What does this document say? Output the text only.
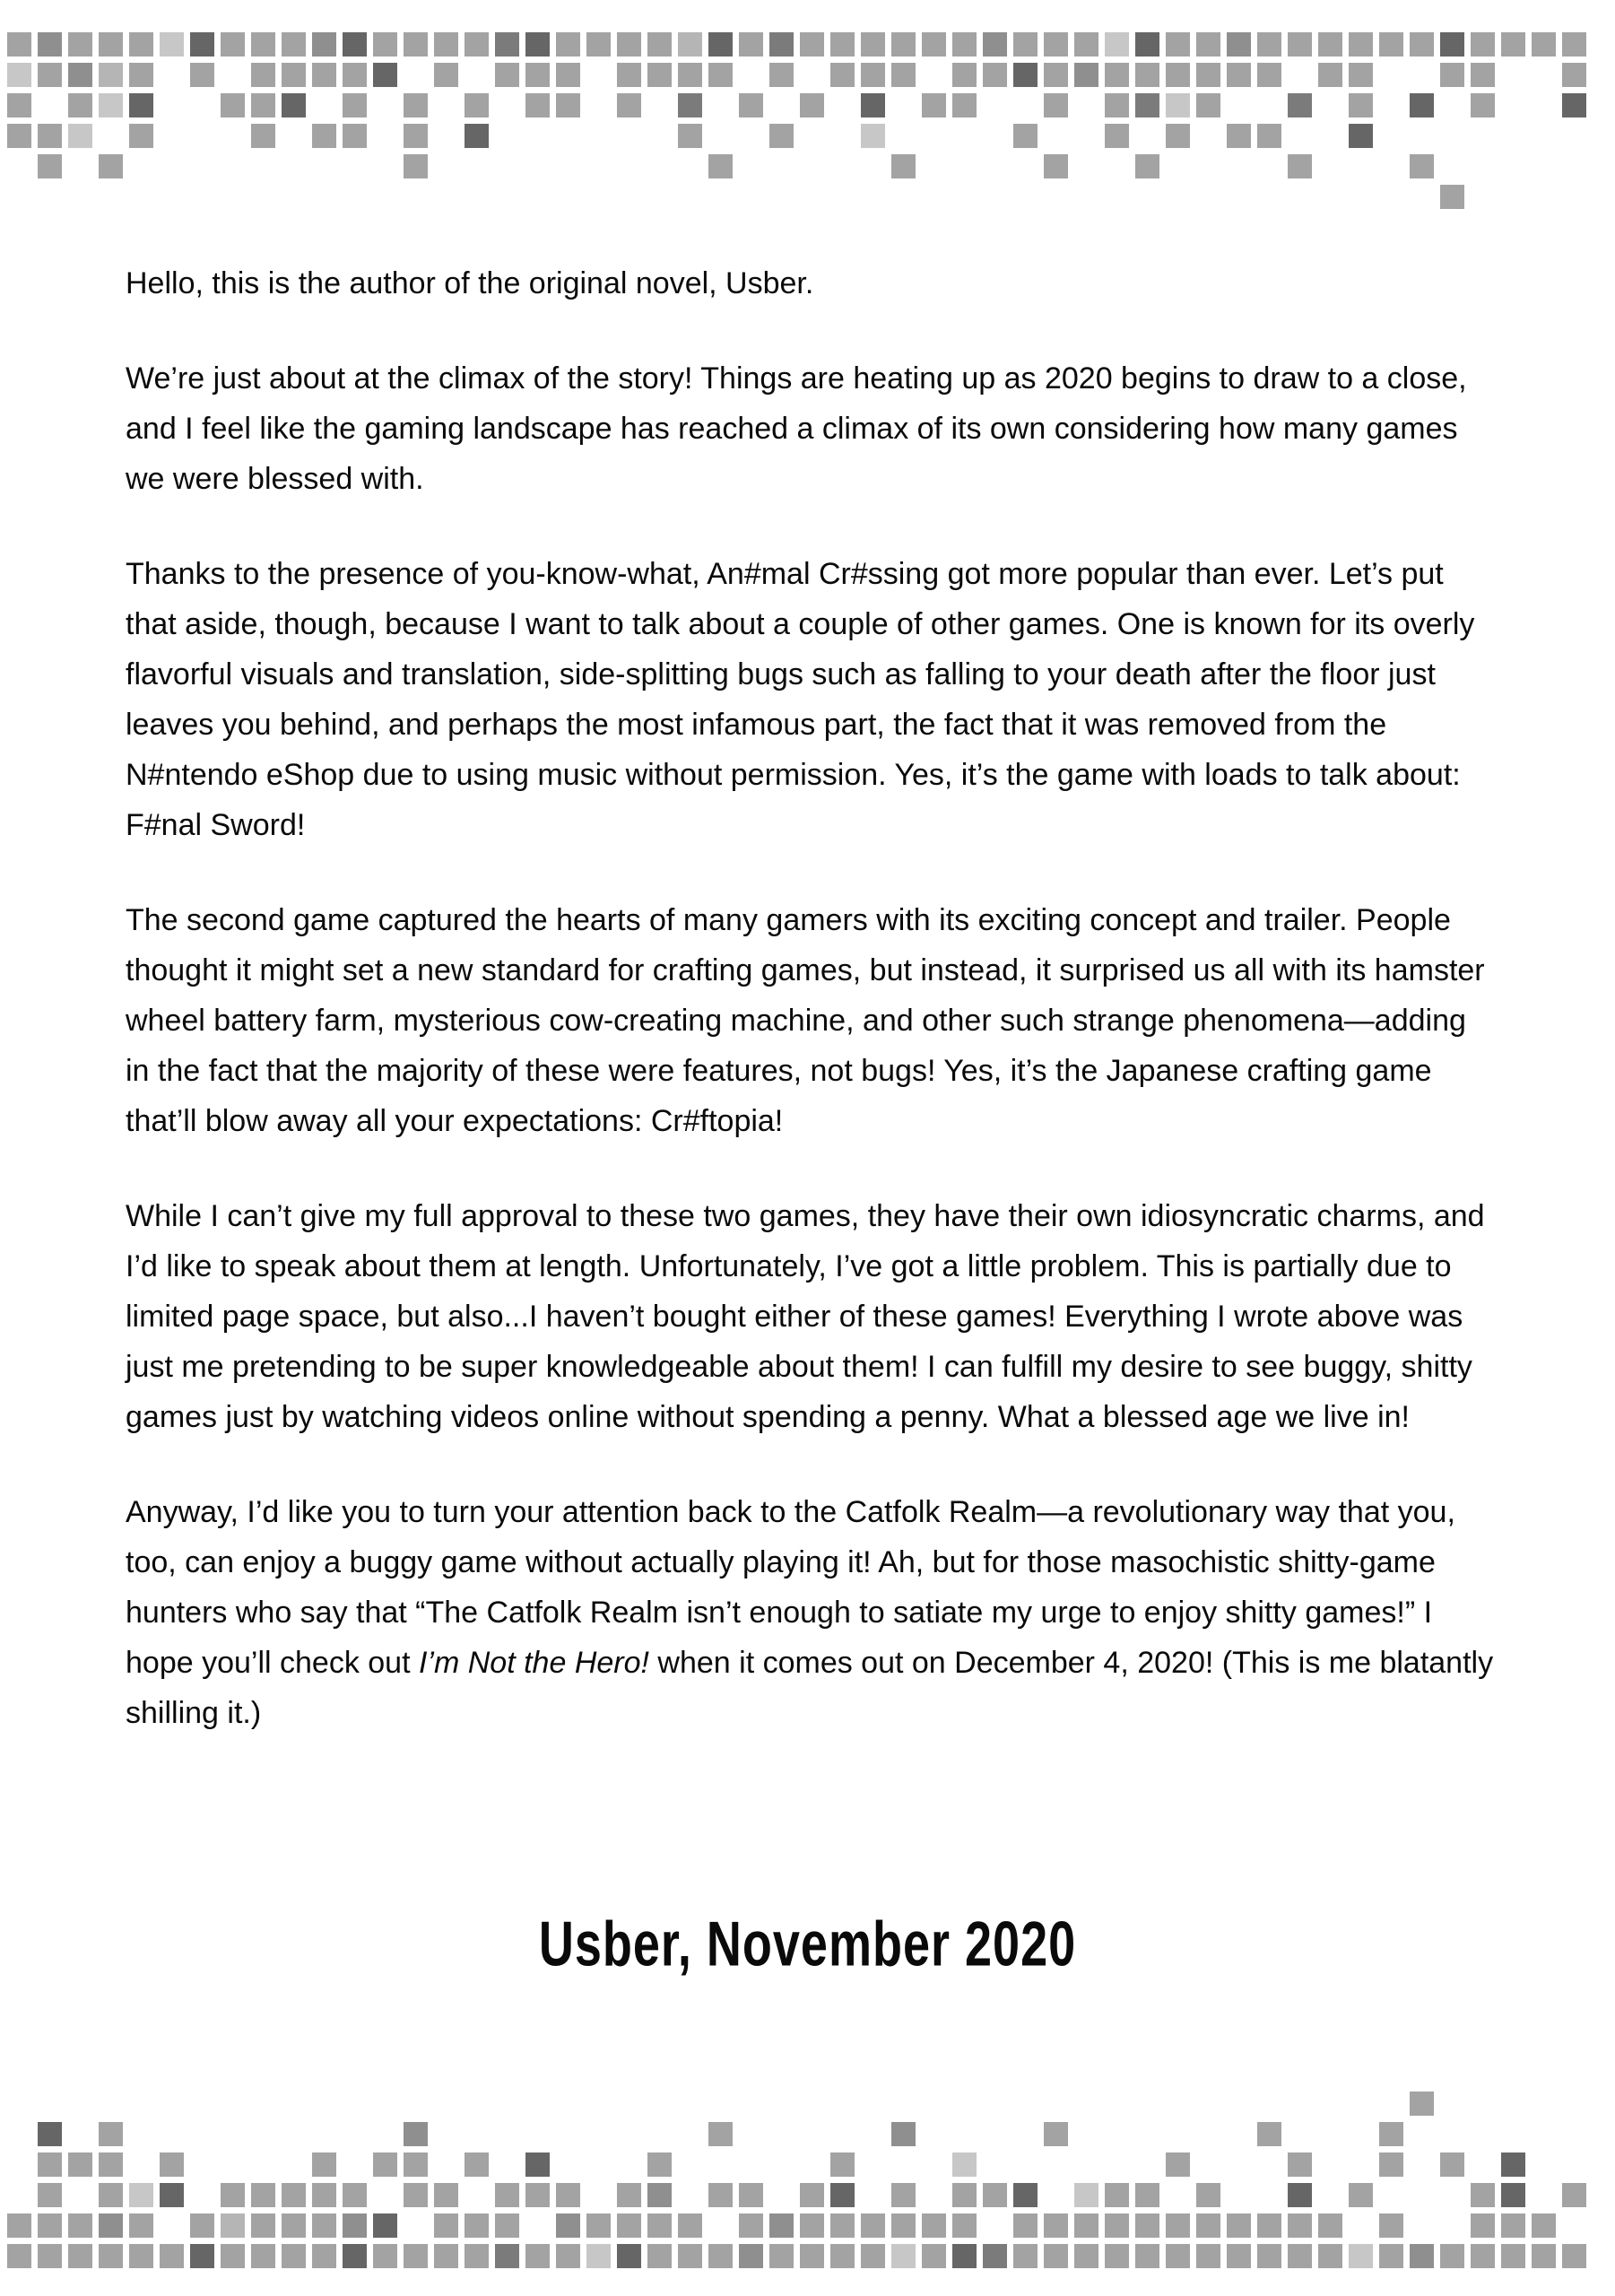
Hello, this is the author of the original novel, Usber.

We’re just about at the climax of the story! Things are heating up as 2020 begins to draw to a close, and I feel like the gaming landscape has reached a climax of its own considering how many games we were blessed with.

Thanks to the presence of you-know-what, An#mal Cr#ssing got more popular than ever. Let’s put that aside, though, because I want to talk about a couple of other games. One is known for its overly flavorful visuals and translation, side-splitting bugs such as falling to your death after the floor just leaves you behind, and perhaps the most infamous part, the fact that it was removed from the N#ntendo eShop due to using music without permission. Yes, it’s the game with loads to talk about: F#nal Sword!

The second game captured the hearts of many gamers with its exciting concept and trailer. People thought it might set a new standard for crafting games, but instead, it surprised us all with its hamster wheel battery farm, mysterious cow-creating machine, and other such strange phenomena—adding in the fact that the majority of these were features, not bugs! Yes, it’s the Japanese crafting game that’ll blow away all your expectations: Cr#ftopia!

While I can’t give my full approval to these two games, they have their own idiosyncratic charms, and I’d like to speak about them at length. Unfortunately, I’ve got a little problem. This is partially due to limited page space, but also...I haven’t bought either of these games! Everything I wrote above was just me pretending to be super knowledgeable about them! I can fulfill my desire to see buggy, shitty games just by watching videos online without spending a penny. What a blessed age we live in!

Anyway, I’d like you to turn your attention back to the Catfolk Realm—a revolutionary way that you, too, can enjoy a buggy game without actually playing it! Ah, but for those masochistic shitty-game hunters who say that “The Catfolk Realm isn’t enough to satiate my urge to enjoy shitty games!” I hope you’ll check out I’m Not the Hero! when it comes out on December 4, 2020! (This is me blatantly shilling it.)

Usber, November 2020
